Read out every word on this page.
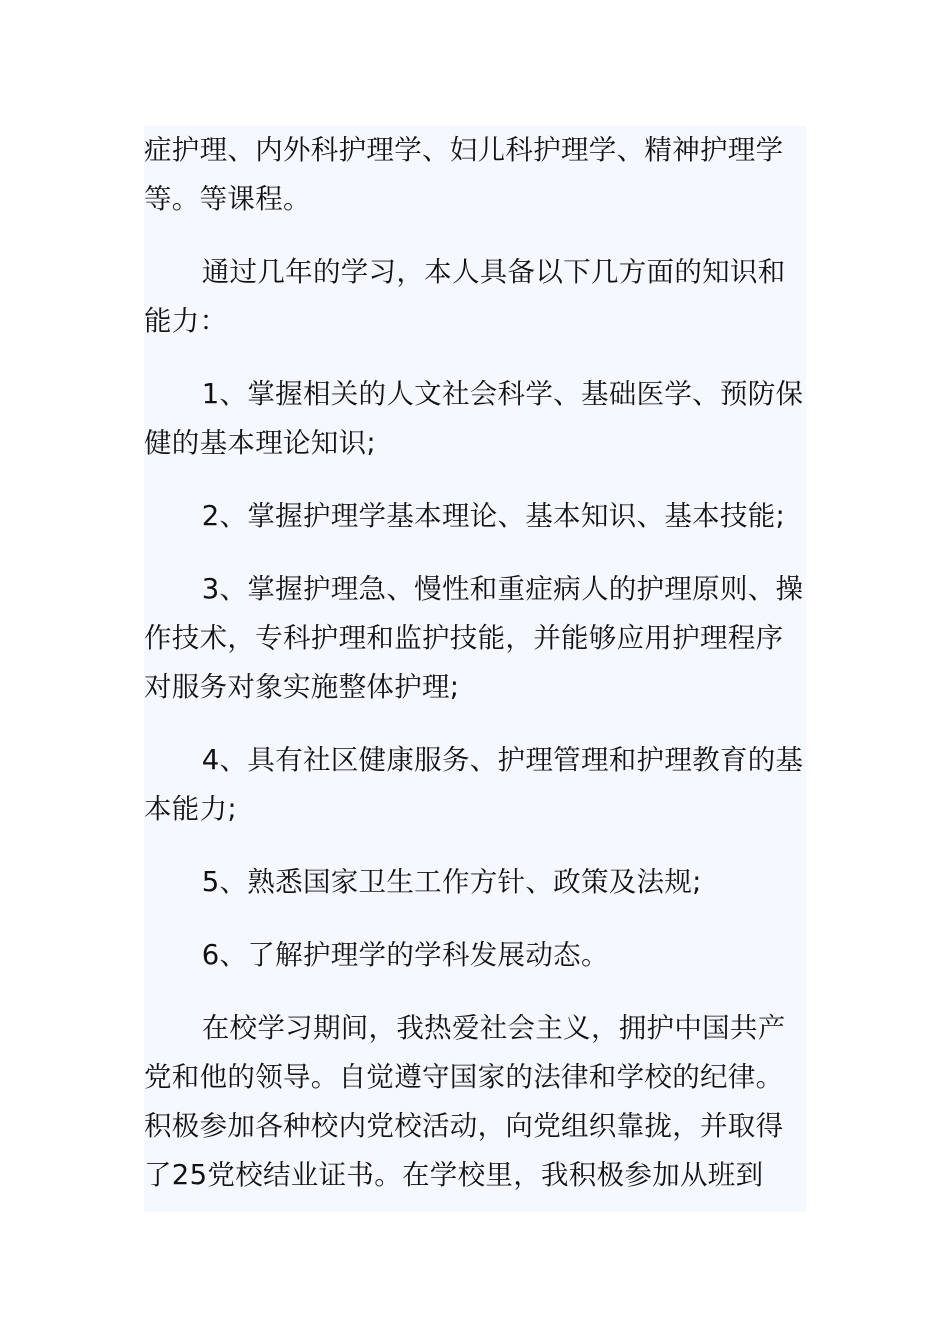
症护理、内外科护理学、妇儿科护理学、精神护理学等。等课程。

通过几年的学习，本人具备以下几方面的知识和能力：

1、掌握相关的人文社会科学、基础医学、预防保健的基本理论知识;

2、掌握护理学基本理论、基本知识、基本技能;

3、掌握护理急、慢性和重症病人的护理原则、操作技术，专科护理和监护技能，并能够应用护理程序对服务对象实施整体护理;

4、具有社区健康服务、护理管理和护理教育的基本能力;

5、熟悉国家卫生工作方针、政策及法规;

6、了解护理学的学科发展动态。

在校学习期间，我热爱社会主义，拥护中国共产党和他的领导。自觉遵守国家的法律和学校的纪律。积极参加各种校内党校活动，向党组织靠拢，并取得了25党校结业证书。在学校里，我积极参加从班到
